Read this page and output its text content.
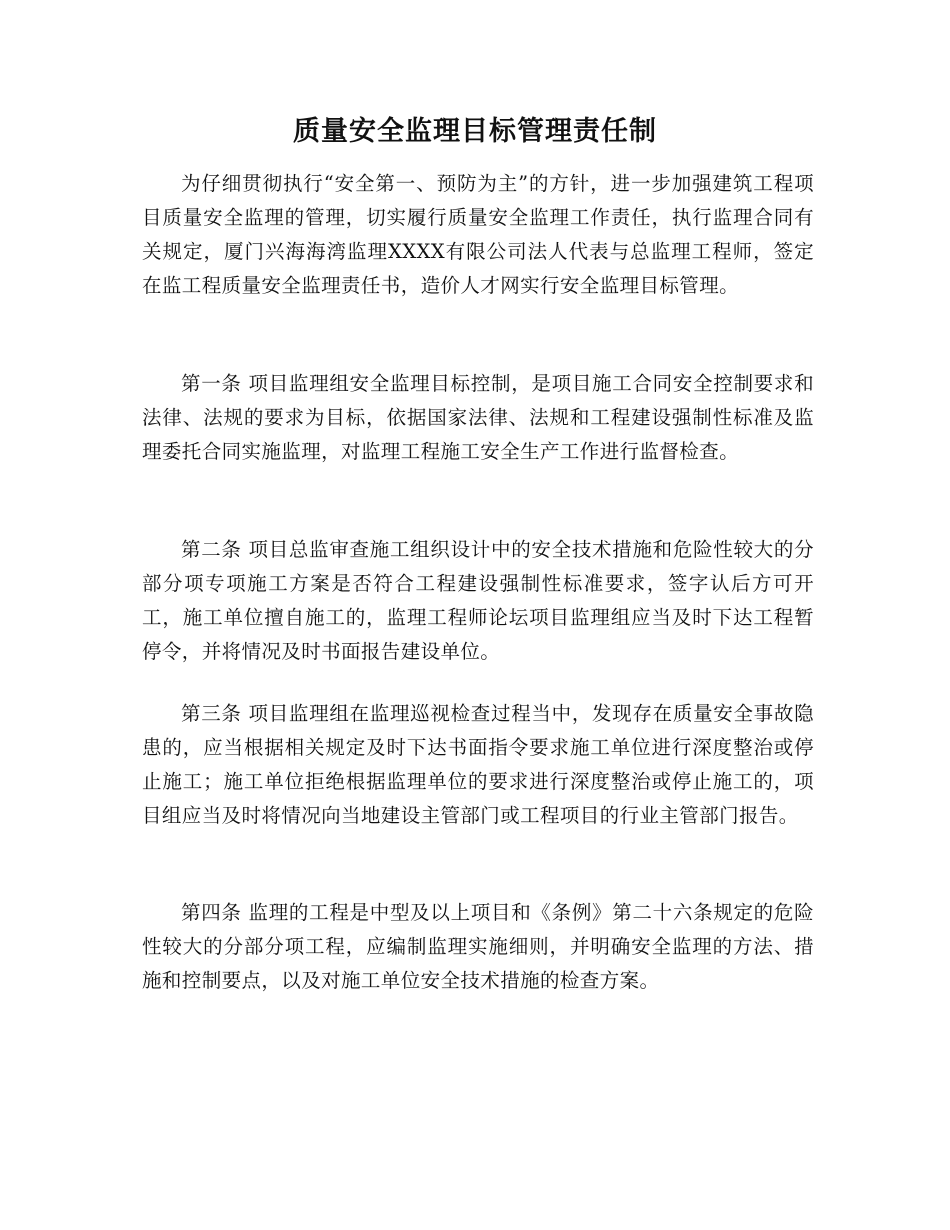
质量安全监理目标管理责任制

为仔细贯彻执行“安全第一、预防为主”的方针，进一步加强建筑工程项目质量安全监理的管理，切实履行质量安全监理工作责任，执行监理合同有关规定，厦门兴海海湾监理XXXX有限公司法人代表与总监理工程师，签定在监工程质量安全监理责任书，造价人才网实行安全监理目标管理。

第一条 项目监理组安全监理目标控制，是项目施工合同安全控制要求和法律、法规的要求为目标，依据国家法律、法规和工程建设强制性标准及监理委托合同实施监理，对监理工程施工安全生产工作进行监督检查。

第二条 项目总监审查施工组织设计中的安全技术措施和危险性较大的分部分项专项施工方案是否符合工程建设强制性标准要求，签字认后方可开工，施工单位擅自施工的，监理工程师论坛项目监理组应当及时下达工程暂停令，并将情况及时书面报告建设单位。

第三条 项目监理组在监理巡视检查过程当中，发现存在质量安全事故隐患的，应当根据相关规定及时下达书面指令要求施工单位进行深度整治或停止施工；施工单位拒绝根据监理单位的要求进行深度整治或停止施工的，项目组应当及时将情况向当地建设主管部门或工程项目的行业主管部门报告。

第四条 监理的工程是中型及以上项目和《条例》第二十六条规定的危险性较大的分部分项工程，应编制监理实施细则，并明确安全监理的方法、措施和控制要点，以及对施工单位安全技术措施的检查方案。
